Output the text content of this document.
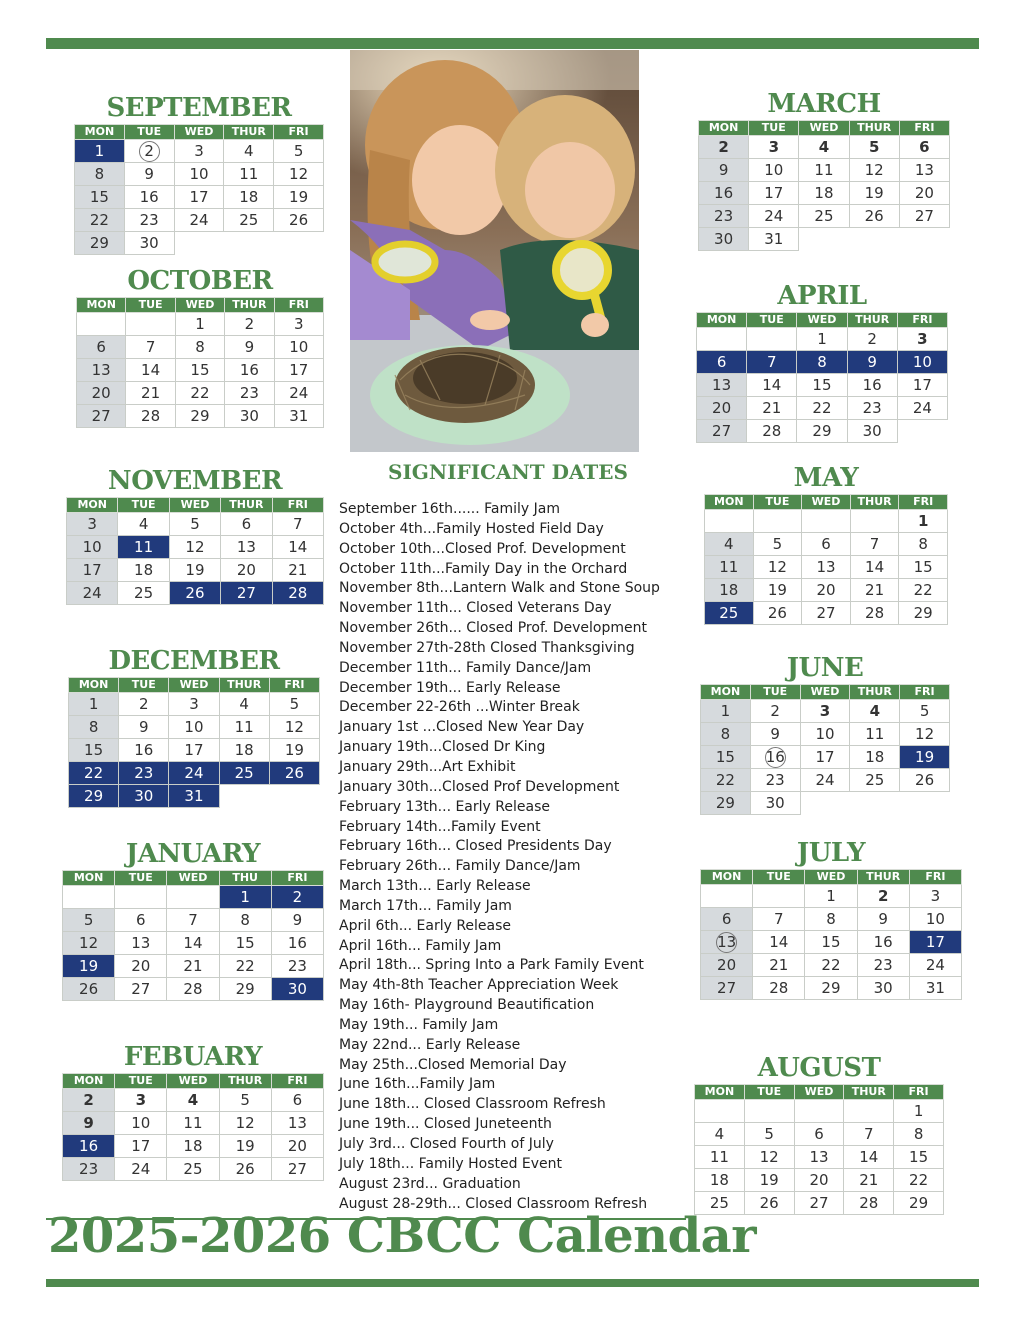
SEPTEMBER
MON	TUE	WED	THUR	FRI
1	2	3	4	5
8	9	10	11	12
15	16	17	18	19
22	23	24	25	26
29	30			
OCTOBER
MON	TUE	WED	THUR	FRI
		1	2	3
6	7	8	9	10
13	14	15	16	17
20	21	22	23	24
27	28	29	30	31
NOVEMBER
MON	TUE	WED	THUR	FRI
3	4	5	6	7
10	11	12	13	14
17	18	19	20	21
24	25	26	27	28
DECEMBER
MON	TUE	WED	THUR	FRI
1	2	3	4	5
8	9	10	11	12
15	16	17	18	19
22	23	24	25	26
29	30	31		
JANUARY
MON	TUE	WED	THU	FRI
			1	2
5	6	7	8	9
12	13	14	15	16
19	20	21	22	23
26	27	28	29	30
FEBUARY
MON	TUE	WED	THUR	FRI
2	3	4	5	6
9	10	11	12	13
16	17	18	19	20
23	24	25	26	27
MARCH
MON	TUE	WED	THUR	FRI
2	3	4	5	6
9	10	11	12	13
16	17	18	19	20
23	24	25	26	27
30	31			
APRIL
MON	TUE	WED	THUR	FRI
		1	2	3
6	7	8	9	10
13	14	15	16	17
20	21	22	23	24
27	28	29	30	
MAY
MON	TUE	WED	THUR	FRI
				1
4	5	6	7	8
11	12	13	14	15
18	19	20	21	22
25	26	27	28	29
JUNE
MON	TUE	WED	THUR	FRI
1	2	3	4	5
8	9	10	11	12
15	16	17	18	19
22	23	24	25	26
29	30			
JULY
MON	TUE	WED	THUR	FRI
		1	2	3
6	7	8	9	10
13	14	15	16	17
20	21	22	23	24
27	28	29	30	31
AUGUST
MON	TUE	WED	THUR	FRI
				1
4	5	6	7	8
11	12	13	14	15
18	19	20	21	22
25	26	27	28	29
SIGNIFICANT DATES
September 16th...... Family Jam
October 4th...Family Hosted Field Day
October 10th...Closed Prof. Development
October 11th...Family Day in the Orchard
November 8th...Lantern Walk and Stone Soup
November 11th... Closed Veterans Day
November 26th... Closed Prof. Development
November 27th-28th Closed Thanksgiving
December 11th... Family Dance/Jam
December 19th... Early Release
December 22-26th ...Winter Break
January 1st ...Closed New Year Day
January 19th...Closed Dr King
January 29th...Art Exhibit
January 30th...Closed Prof Development
February 13th... Early Release
February 14th...Family Event
February 16th... Closed Presidents Day
February 26th... Family Dance/Jam
March 13th... Early Release
March 17th... Family Jam
April 6th... Early Release
April 16th... Family Jam
April 18th... Spring Into a Park Family Event
May 4th-8th Teacher Appreciation Week
May 16th- Playground Beautification
May 19th... Family Jam
May 22nd... Early Release
May 25th...Closed Memorial Day
June 16th...Family Jam
June 18th... Closed Classroom Refresh
June 19th... Closed Juneteenth
July 3rd... Closed Fourth of July
July 18th... Family Hosted Event
August 23rd... Graduation
August 28-29th... Closed Classroom Refresh
2025-2026 CBCC Calendar
